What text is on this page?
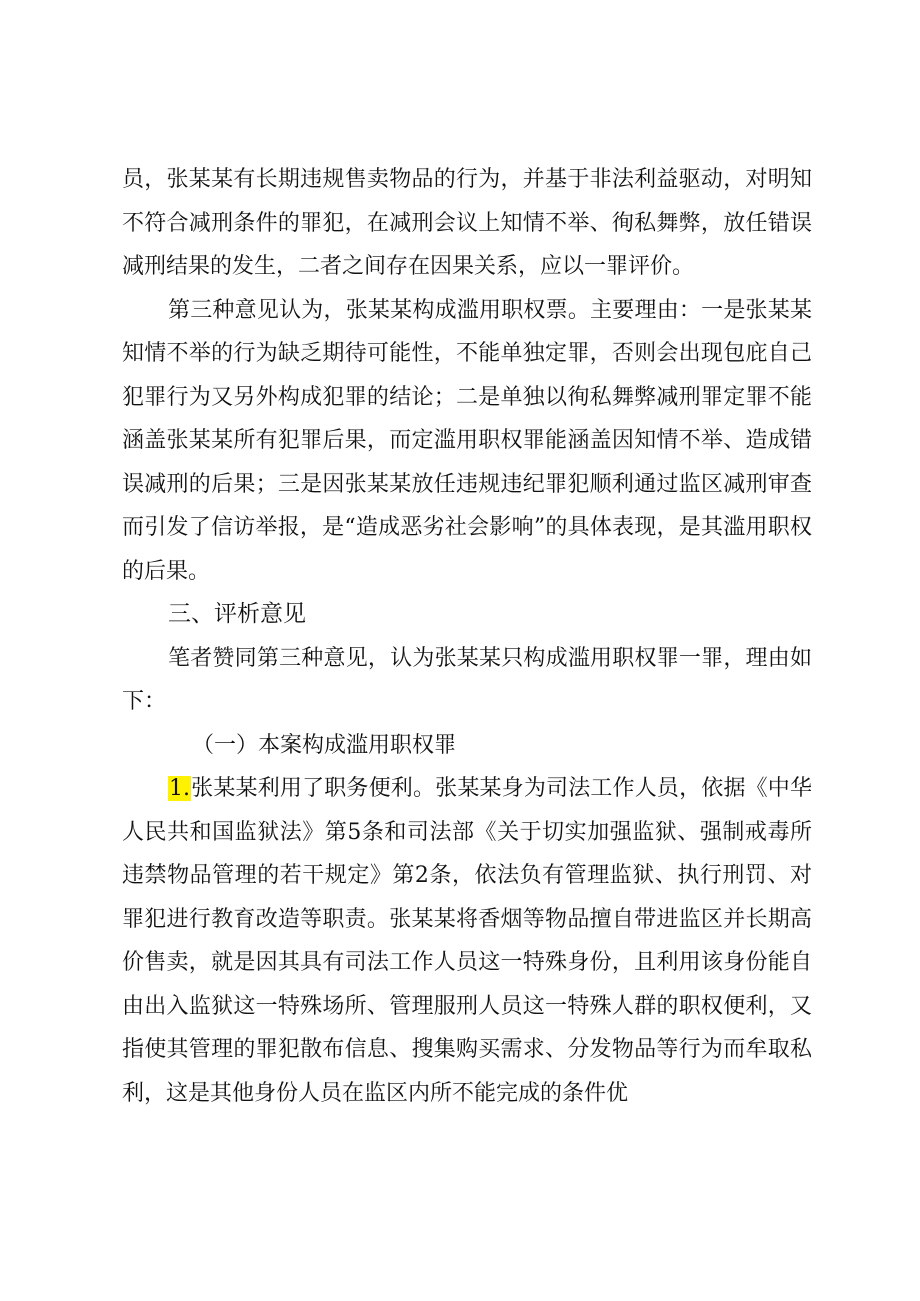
员，张某某有长期违规售卖物品的行为，并基于非法利益驱动，对明知不符合减刑条件的罪犯，在减刑会议上知情不举、徇私舞弊，放任错误减刑结果的发生，二者之间存在因果关系，应以一罪评价。

第三种意见认为，张某某构成滥用职权票。主要理由：一是张某某知情不举的行为缺乏期待可能性，不能单独定罪，否则会出现包庇自己犯罪行为又另外构成犯罪的结论；二是单独以徇私舞弊减刑罪定罪不能涵盖张某某所有犯罪后果，而定滥用职权罪能涵盖因知情不举、造成错误减刑的后果；三是因张某某放任违规违纪罪犯顺利通过监区减刑审查而引发了信访举报，是“造成恶劣社会影响”的具体表现，是其滥用职权的后果。

三、评析意见

笔者赞同第三种意见，认为张某某只构成滥用职权罪一罪，理由如下：

（一）本案构成滥用职权罪

1.张某某利用了职务便利。张某某身为司法工作人员，依据《中华人民共和国监狱法》第5条和司法部《关于切实加强监狱、强制戒毒所违禁物品管理的若干规定》第2条，依法负有管理监狱、执行刑罚、对罪犯进行教育改造等职责。张某某将香烟等物品擅自带进监区并长期高价售卖，就是因其具有司法工作人员这一特殊身份，且利用该身份能自由出入监狱这一特殊场所、管理服刑人员这一特殊人群的职权便利，又指使其管理的罪犯散布信息、搜集购买需求、分发物品等行为而牟取私利，这是其他身份人员在监区内所不能完成的条件优
